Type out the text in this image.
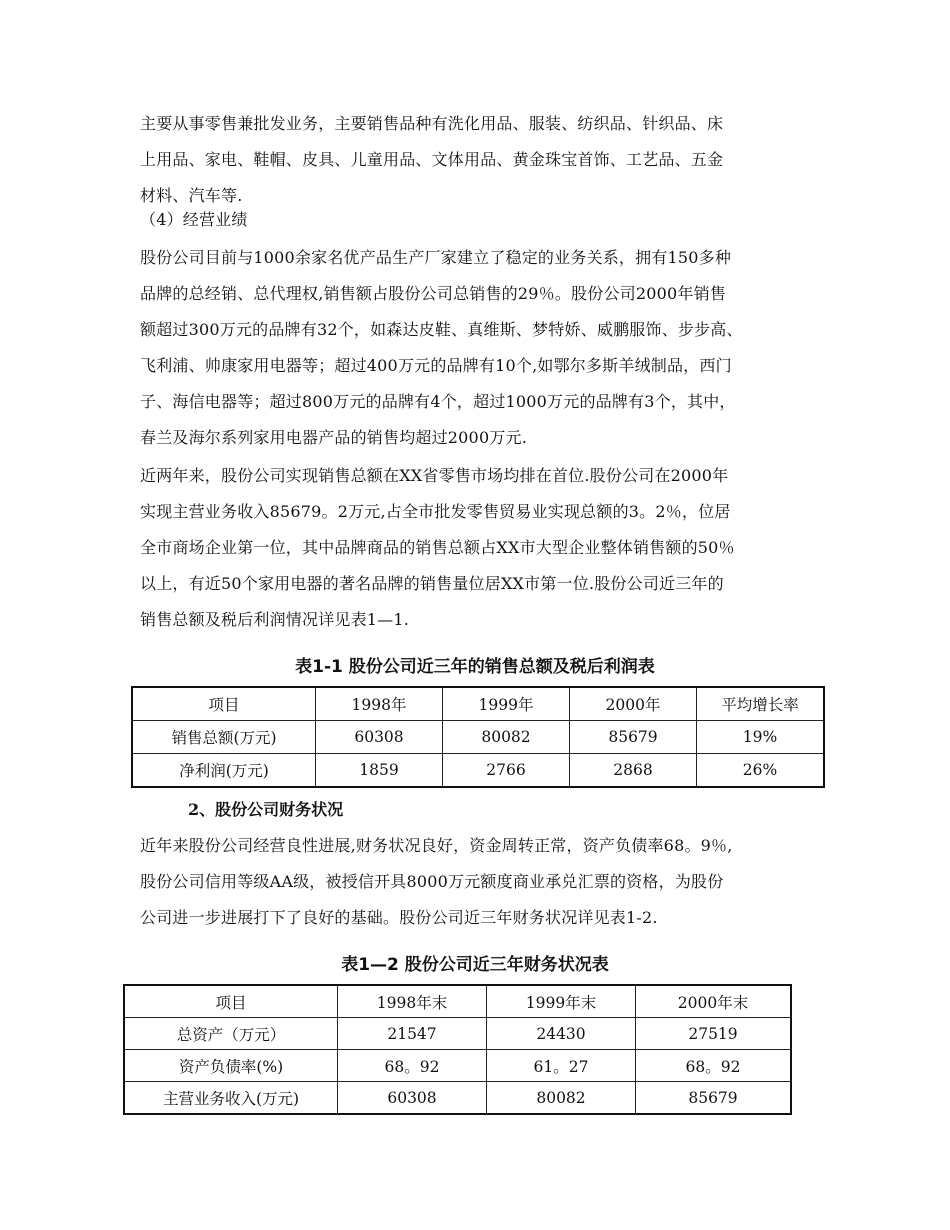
主要从事零售兼批发业务，主要销售品种有洗化用品、服装、纺织品、针织品、床
上用品、家电、鞋帽、皮具、儿童用品、文体用品、黄金珠宝首饰、工艺品、五金
材料、汽车等.
（4）经营业绩
股份公司目前与1000余家名优产品生产厂家建立了稳定的业务关系，拥有150多种
品牌的总经销、总代理权,销售额占股份公司总销售的29％。股份公司2000年销售
额超过300万元的品牌有32个，如森达皮鞋、真维斯、梦特娇、威鹏服饰、步步高、
飞利浦、帅康家用电器等；超过400万元的品牌有10个,如鄂尔多斯羊绒制品，西门
子、海信电器等；超过800万元的品牌有4个，超过1000万元的品牌有3个，其中，
春兰及海尔系列家用电器产品的销售均超过2000万元.
近两年来，股份公司实现销售总额在XX省零售市场均排在首位.股份公司在2000年
实现主营业务收入85679。2万元,占全市批发零售贸易业实现总额的3。2％，位居
全市商场企业第一位，其中品牌商品的销售总额占XX市大型企业整体销售额的50％
以上，有近50个家用电器的著名品牌的销售量位居XX市第一位.股份公司近三年的
销售总额及税后利润情况详见表1—1.
表1-1 股份公司近三年的销售总额及税后利润表
项目	1998年	1999年	2000年	平均增长率
销售总额(万元)	60308	80082	85679	19%
净利润(万元)	1859	2766	2868	26%
2、股份公司财务状况
近年来股份公司经营良性进展,财务状况良好，资金周转正常，资产负债率68。9％,
股份公司信用等级AA级，被授信开具8000万元额度商业承兑汇票的资格，为股份
公司进一步进展打下了良好的基础。股份公司近三年财务状况详见表1-2.
表1—2 股份公司近三年财务状况表
项目	1998年末	1999年末	2000年末
总资产（万元）	21547	24430	27519
资产负债率(%)	68。92	61。27	68。92
主营业务收入(万元)	60308	80082	85679
